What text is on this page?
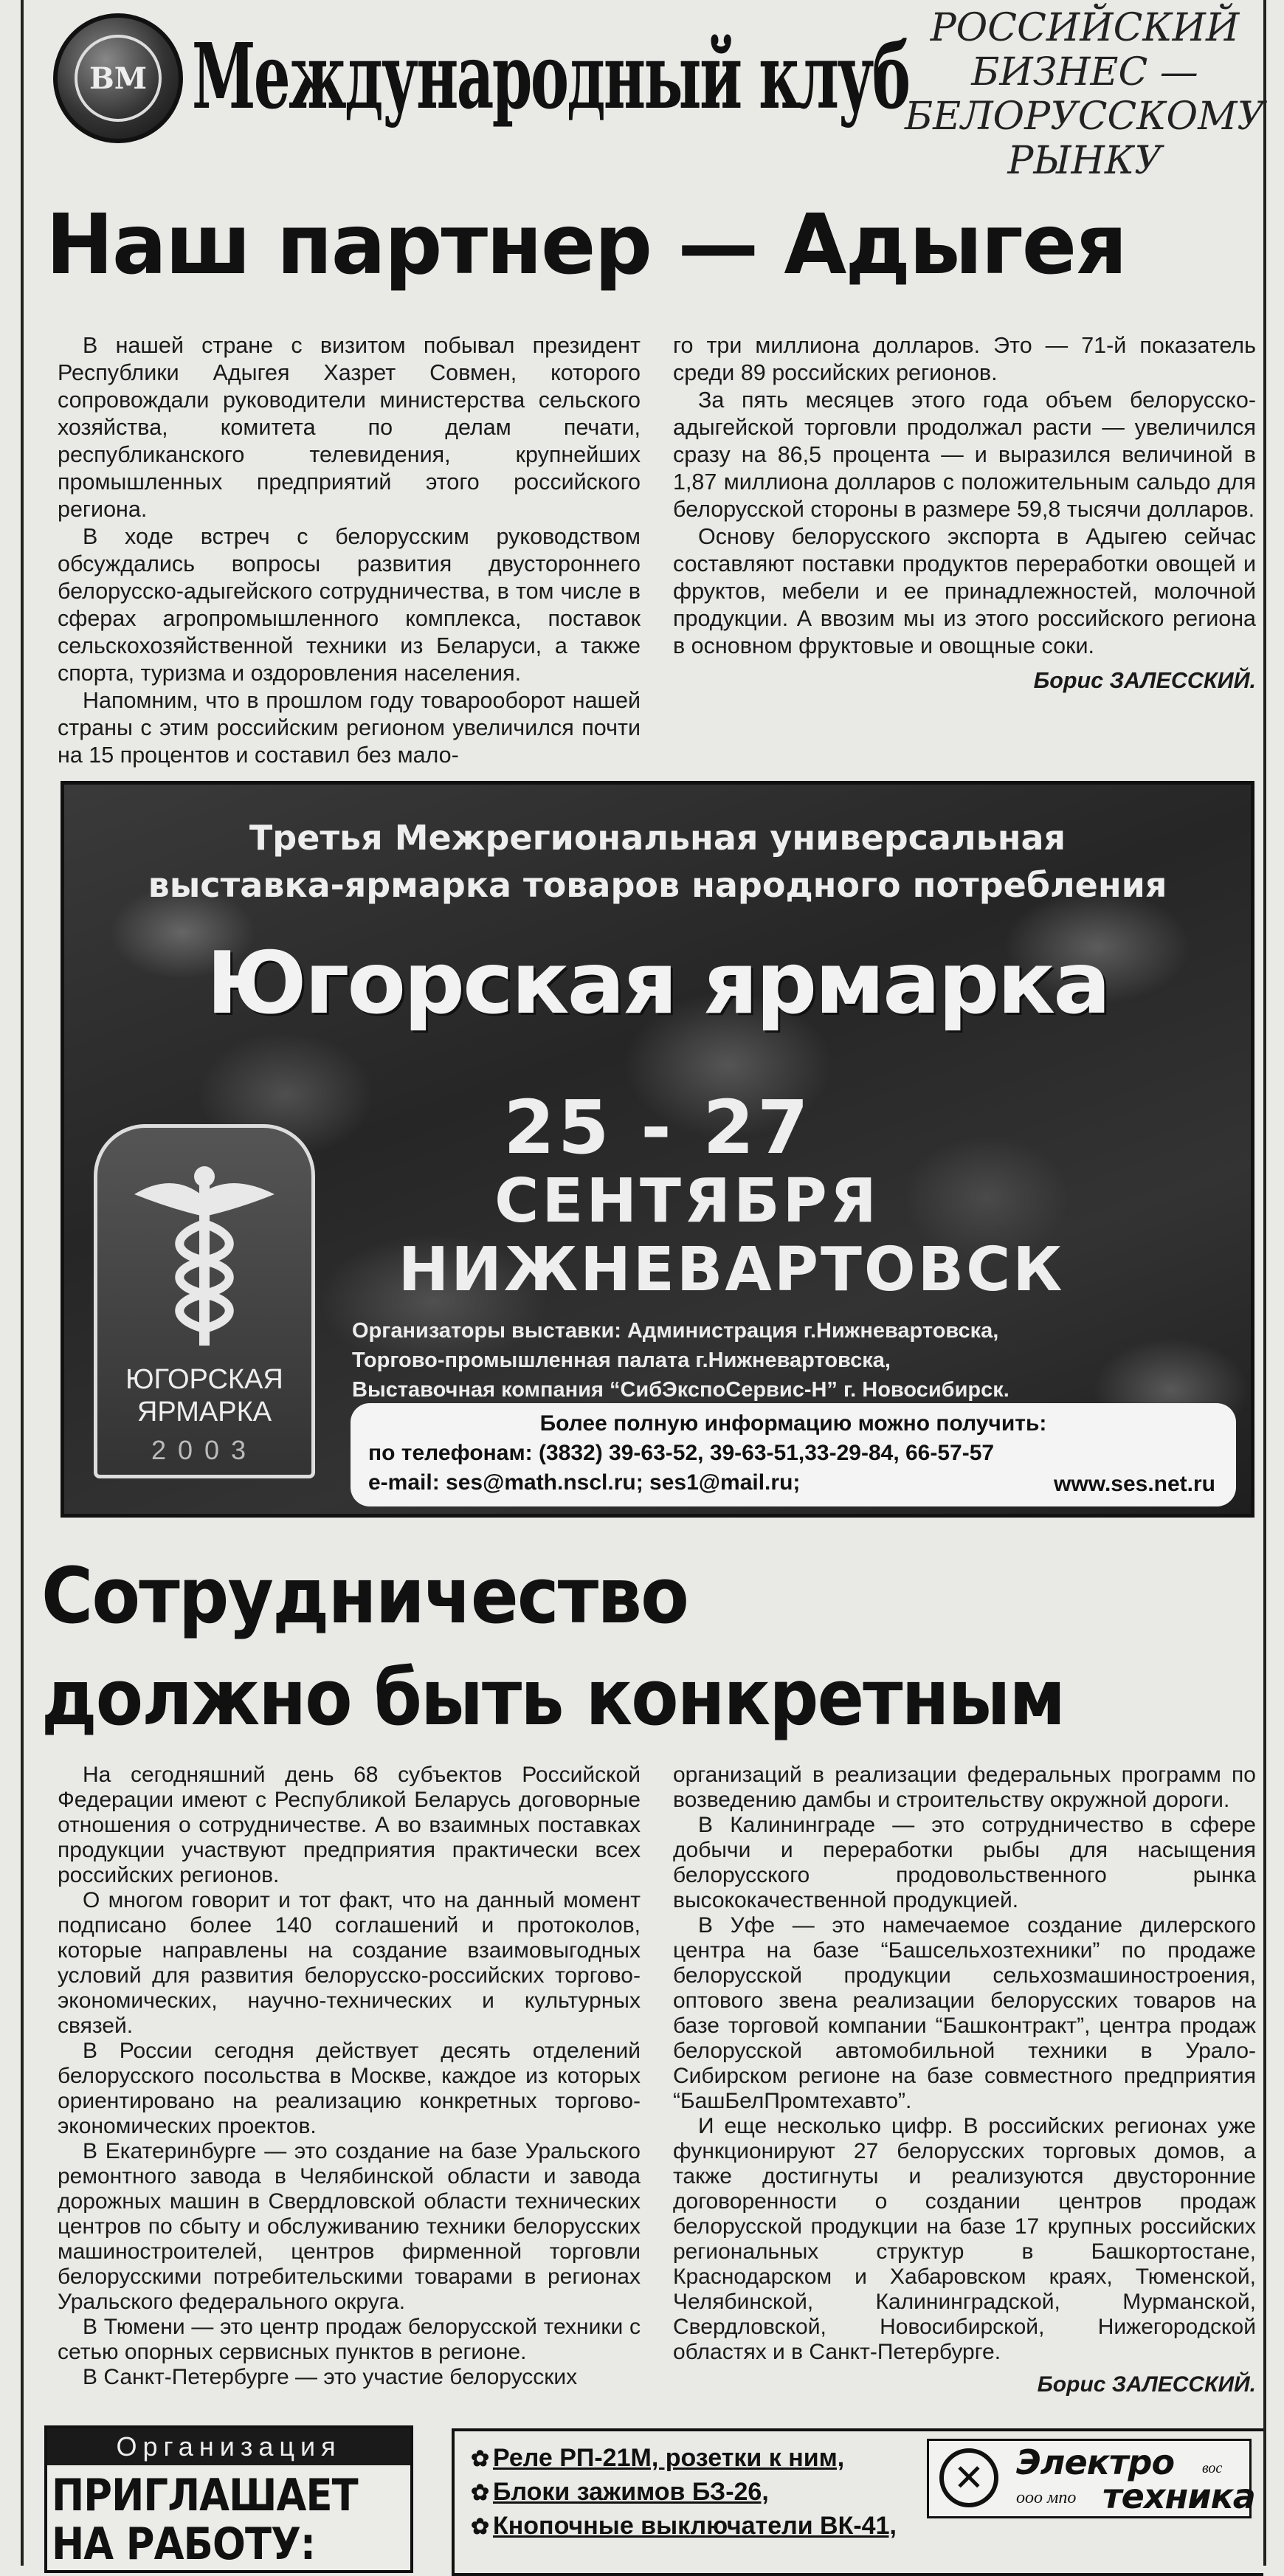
ВМ Международный клуб РОССИЙСКИЙ
БИЗНЕС —
БЕЛОРУССКОМУ
РЫНКУ
Наш партнер — Адыгея

В нашей стране с визитом побывал президент Республики Адыгея Хазрет Совмен, которого сопровождали руководители министерства сельского хозяйства, комитета по делам печати, республиканского телевидения, крупнейших промышленных предприятий этого российского региона.

В ходе встреч с белорусским руководством обсуждались вопросы развития двустороннего белорусско-адыгейского сотрудничества, в том числе в сферах агропромышленного комплекса, поставок сельскохозяйственной техники из Беларуси, а также спорта, туризма и оздоровления населения.

Напомним, что в прошлом году товарооборот нашей страны с этим российским регионом увеличился почти на 15 процентов и составил без мало-

го три миллиона долларов. Это — 71-й показатель среди 89 российских регионов.

За пять месяцев этого года объем белорусско-адыгейской торговли продолжал расти — увеличился сразу на 86,5 процента — и выразился величиной в 1,87 миллиона долларов с положительным сальдо для белорусской стороны в размере 59,8 тысячи долларов.

Основу белорусского экспорта в Адыгею сейчас составляют поставки продуктов переработки овощей и фруктов, мебели и ее принадлежностей, молочной продукции. А ввозим мы из этого российского региона в основном фруктовые и овощные соки.

Борис ЗАЛЕССКИЙ.

Третья Межрегиональная универсальная
выставка-ярмарка товаров народного потребления
Югорская ярмарка
25 - 27
СЕНТЯБРЯ
НИЖНЕВАРТОВСК
ЮГОРСКАЯ
ЯРМАРКА
2003
Организаторы выставки: Администрация г.Нижневартовска,
Торгово-промышленная палата г.Нижневартовска,
Выставочная компания “СибЭкспоСервис-Н” г. Новосибирск.
Более полную информацию можно получить:
по телефонам: (3832) 39-63-52, 39-63-51,33-29-84, 66-57-57
e-mail: ses@math.nscl.ru; ses1@mail.ru;	www.ses.net.ru
Сотрудничество
должно быть конкретным

На сегодняшний день 68 субъектов Российской Федерации имеют с Республикой Беларусь договорные отношения о сотрудничестве. А во взаимных поставках продукции участвуют предприятия практически всех российских регионов.

О многом говорит и тот факт, что на данный момент подписано более 140 соглашений и протоколов, которые направлены на создание взаимовыгодных условий для развития белорусско-российских торгово-экономических, научно-технических и культурных связей.

В России сегодня действует десять отделений белорусского посольства в Москве, каждое из которых ориентировано на реализацию конкретных торгово-экономических проектов.

В Екатеринбурге — это создание на базе Уральского ремонтного завода в Челябинской области и завода дорожных машин в Свердловской области технических центров по сбыту и обслуживанию техники белорусских машиностроителей, центров фирменной торговли белорусскими потребительскими товарами в регионах Уральского федерального округа.

В Тюмени — это центр продаж белорусской техники с сетью опорных сервисных пунктов в регионе.

В Санкт-Петербурге — это участие белорусских

организаций в реализации федеральных программ по возведению дамбы и строительству окружной дороги.

В Калининграде — это сотрудничество в сфере добычи и переработки рыбы для насыщения белорусского продовольственного рынка высококачественной продукцией.

В Уфе — это намечаемое создание дилерского центра на базе “Башсельхозтехники” по продаже белорусской продукции сельхозмашиностроения, оптового звена реализации белорусских товаров на базе торговой компании “Башконтракт”, центра продаж белорусской автомобильной техники в Урало-Сибирском регионе на базе совместного предприятия “БашБелПромтехавто”.

И еще несколько цифр. В российских регионах уже функционируют 27 белорусских торговых домов, а также достигнуты и реализуются двусторонние договоренности о создании центров продаж белорусской продукции на базе 17 крупных российских региональных структур в Башкортостане, Краснодарском и Хабаровском краях, Тюменской, Челябинской, Калининградской, Мурманской, Свердловской, Новосибирской, Нижегородской областях и в Санкт-Петербурге.

Борис ЗАЛЕССКИЙ.

Организация
ПРИГЛАШАЕТ
НА РАБОТУ:
✿ Реле РП-21М, розетки к ним,
✿ Блоки зажимов БЗ-26,
✿ Кнопочные выключатели ВК-41,
✕ Электро вос
ооо мпо техника
